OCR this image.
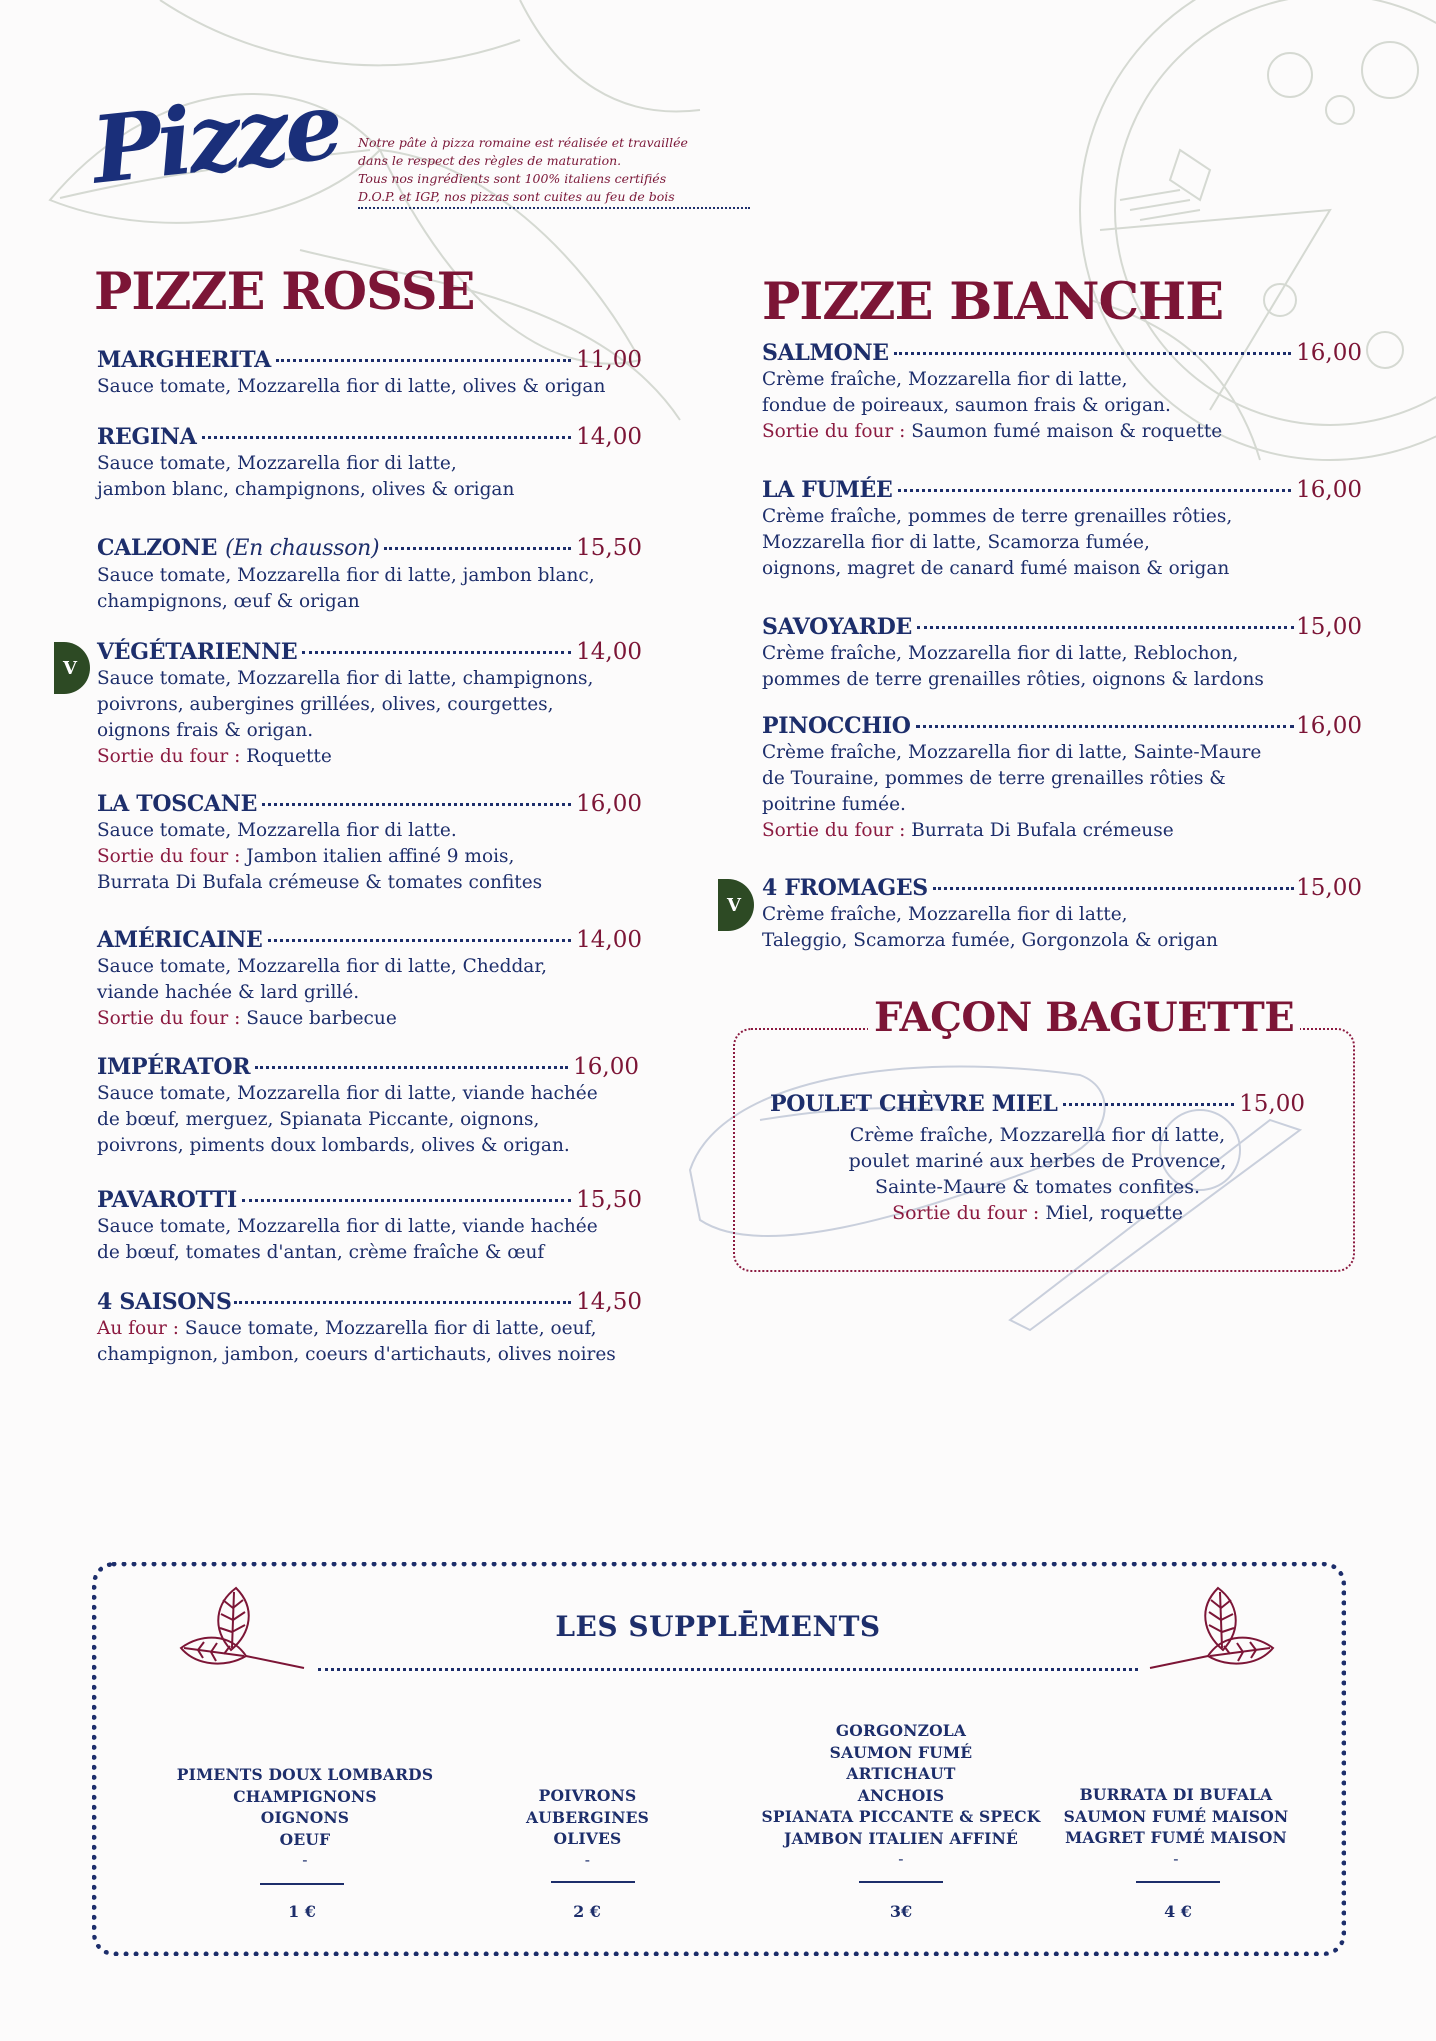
Pizze Notre pâte à pizza romaine est réalisée et travaillée
dans le respect des règles de maturation.
Tous nos ingrédients sont 100% italiens certifiés
D.O.P. et IGP, nos pizzas sont cuites au feu de bois
PIZZE ROSSE
MARGHERITA	11,00
Sauce tomate, Mozzarella fior di latte, olives & origan
REGINA	14,00
Sauce tomate, Mozzarella fior di latte,
jambon blanc, champignons, olives & origan
CALZONE (En chausson)	15,50
Sauce tomate, Mozzarella fior di latte, jambon blanc,
champignons, œuf & origan
V
VÉGÉTARIENNE	14,00
Sauce tomate, Mozzarella fior di latte, champignons,
poivrons, aubergines grillées, olives, courgettes,
oignons frais & origan.
Sortie du four : Roquette
LA TOSCANE	16,00
Sauce tomate, Mozzarella fior di latte.
Sortie du four : Jambon italien affiné 9 mois,
Burrata Di Bufala crémeuse & tomates confites
AMÉRICAINE	14,00
Sauce tomate, Mozzarella fior di latte, Cheddar,
viande hachée & lard grillé.
Sortie du four : Sauce barbecue
IMPÉRATOR	16,00
Sauce tomate, Mozzarella fior di latte, viande hachée
de bœuf, merguez, Spianata Piccante, oignons,
poivrons, piments doux lombards, olives & origan.
PAVAROTTI	15,50
Sauce tomate, Mozzarella fior di latte, viande hachée
de bœuf, tomates d'antan, crème fraîche & œuf
4 SAISONS	14,50
Au four : Sauce tomate, Mozzarella fior di latte, oeuf,
champignon, jambon, coeurs d'artichauts, olives noires
PIZZE BIANCHE
SALMONE	16,00
Crème fraîche, Mozzarella fior di latte,
fondue de poireaux, saumon frais & origan.
Sortie du four : Saumon fumé maison & roquette
LA FUMÉE	16,00
Crème fraîche, pommes de terre grenailles rôties,
Mozzarella fior di latte, Scamorza fumée,
oignons, magret de canard fumé maison & origan
SAVOYARDE	15,00
Crème fraîche, Mozzarella fior di latte, Reblochon,
pommes de terre grenailles rôties, oignons & lardons
PINOCCHIO	16,00
Crème fraîche, Mozzarella fior di latte, Sainte-Maure
de Touraine, pommes de terre grenailles rôties &
poitrine fumée.
Sortie du four : Burrata Di Bufala crémeuse
V
4 FROMAGES	15,00
Crème fraîche, Mozzarella fior di latte,
Taleggio, Scamorza fumée, Gorgonzola & origan
FAÇON BAGUETTE
POULET CHÈVRE MIEL	15,00
Crème fraîche, Mozzarella fior di latte,
poulet mariné aux herbes de Provence,
Sainte-Maure & tomates confites.
Sortie du four : Miel, roquette
LES SUPPLĒMENTS
PIMENTS DOUX LOMBARDS
CHAMPIGNONS
OIGNONS
OEUF
-
1 €
POIVRONS
AUBERGINES
OLIVES
-
2 €
GORGONZOLA
SAUMON FUMÉ
ARTICHAUT
ANCHOIS
SPIANATA PICCANTE & SPECK
JAMBON ITALIEN AFFINÉ
-
3€
BURRATA DI BUFALA
SAUMON FUMÉ MAISON
MAGRET FUMÉ MAISON
-
4 €
